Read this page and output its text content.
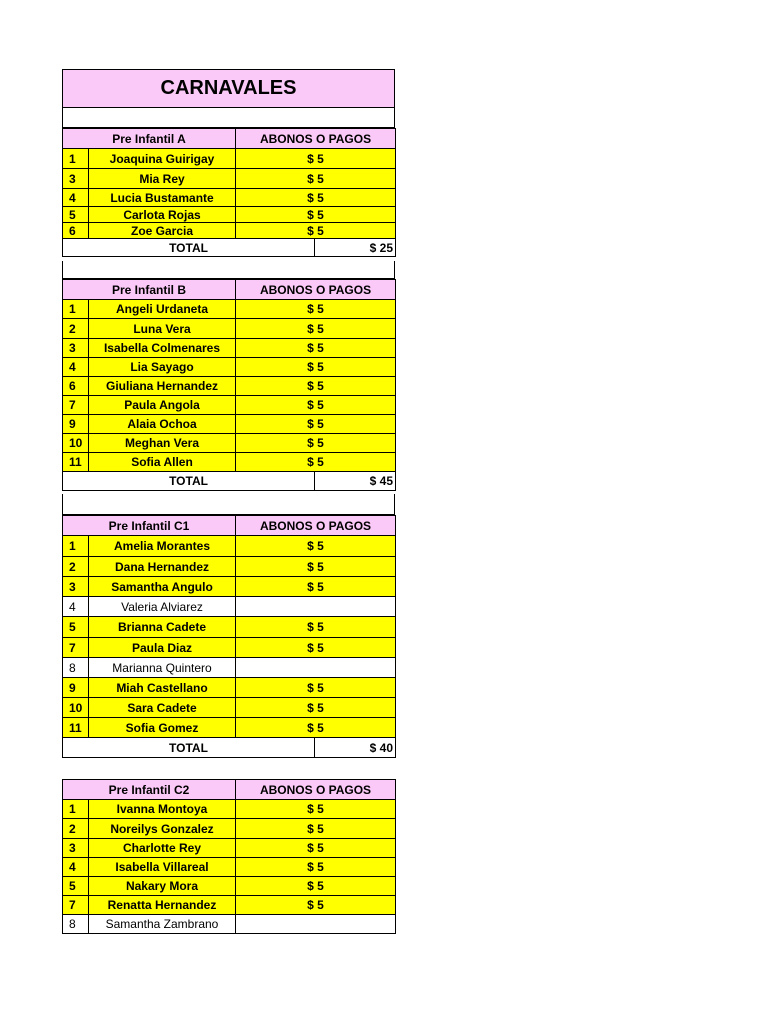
CARNAVALES
Pre Infantil A		ABONOS O PAGOS	
1	Joaquina Guirigay	$ 5	
3	Mia Rey	$ 5	
4	Lucia Bustamante	$ 5	
5	Carlota Rojas	$ 5	
6	Zoe Garcia	$ 5	
TOTAL			$ 25
Pre Infantil B		ABONOS O PAGOS	
1	Angeli Urdaneta	$ 5	
2	Luna Vera	$ 5	
3	Isabella Colmenares	$ 5	
4	Lia Sayago	$ 5	
6	Giuliana Hernandez	$ 5	
7	Paula Angola	$ 5	
9	Alaia Ochoa	$ 5	
10	Meghan Vera	$ 5	
11	Sofia Allen	$ 5	
TOTAL			$ 45
Pre Infantil C1		ABONOS O PAGOS	
1	Amelia Morantes	$ 5	
2	Dana Hernandez	$ 5	
3	Samantha Angulo	$ 5	
4	Valeria Alviarez		
5	Brianna Cadete	$ 5	
7	Paula Diaz	$ 5	
8	Marianna Quintero		
9	Miah Castellano	$ 5	
10	Sara Cadete	$ 5	
11	Sofia Gomez	$ 5	
TOTAL			$ 40
Pre Infantil C2		ABONOS O PAGOS
1	Ivanna Montoya	$ 5
2	Noreilys Gonzalez	$ 5
3	Charlotte Rey	$ 5
4	Isabella Villareal	$ 5
5	Nakary Mora	$ 5
7	Renatta Hernandez	$ 5
8	Samantha Zambrano	
